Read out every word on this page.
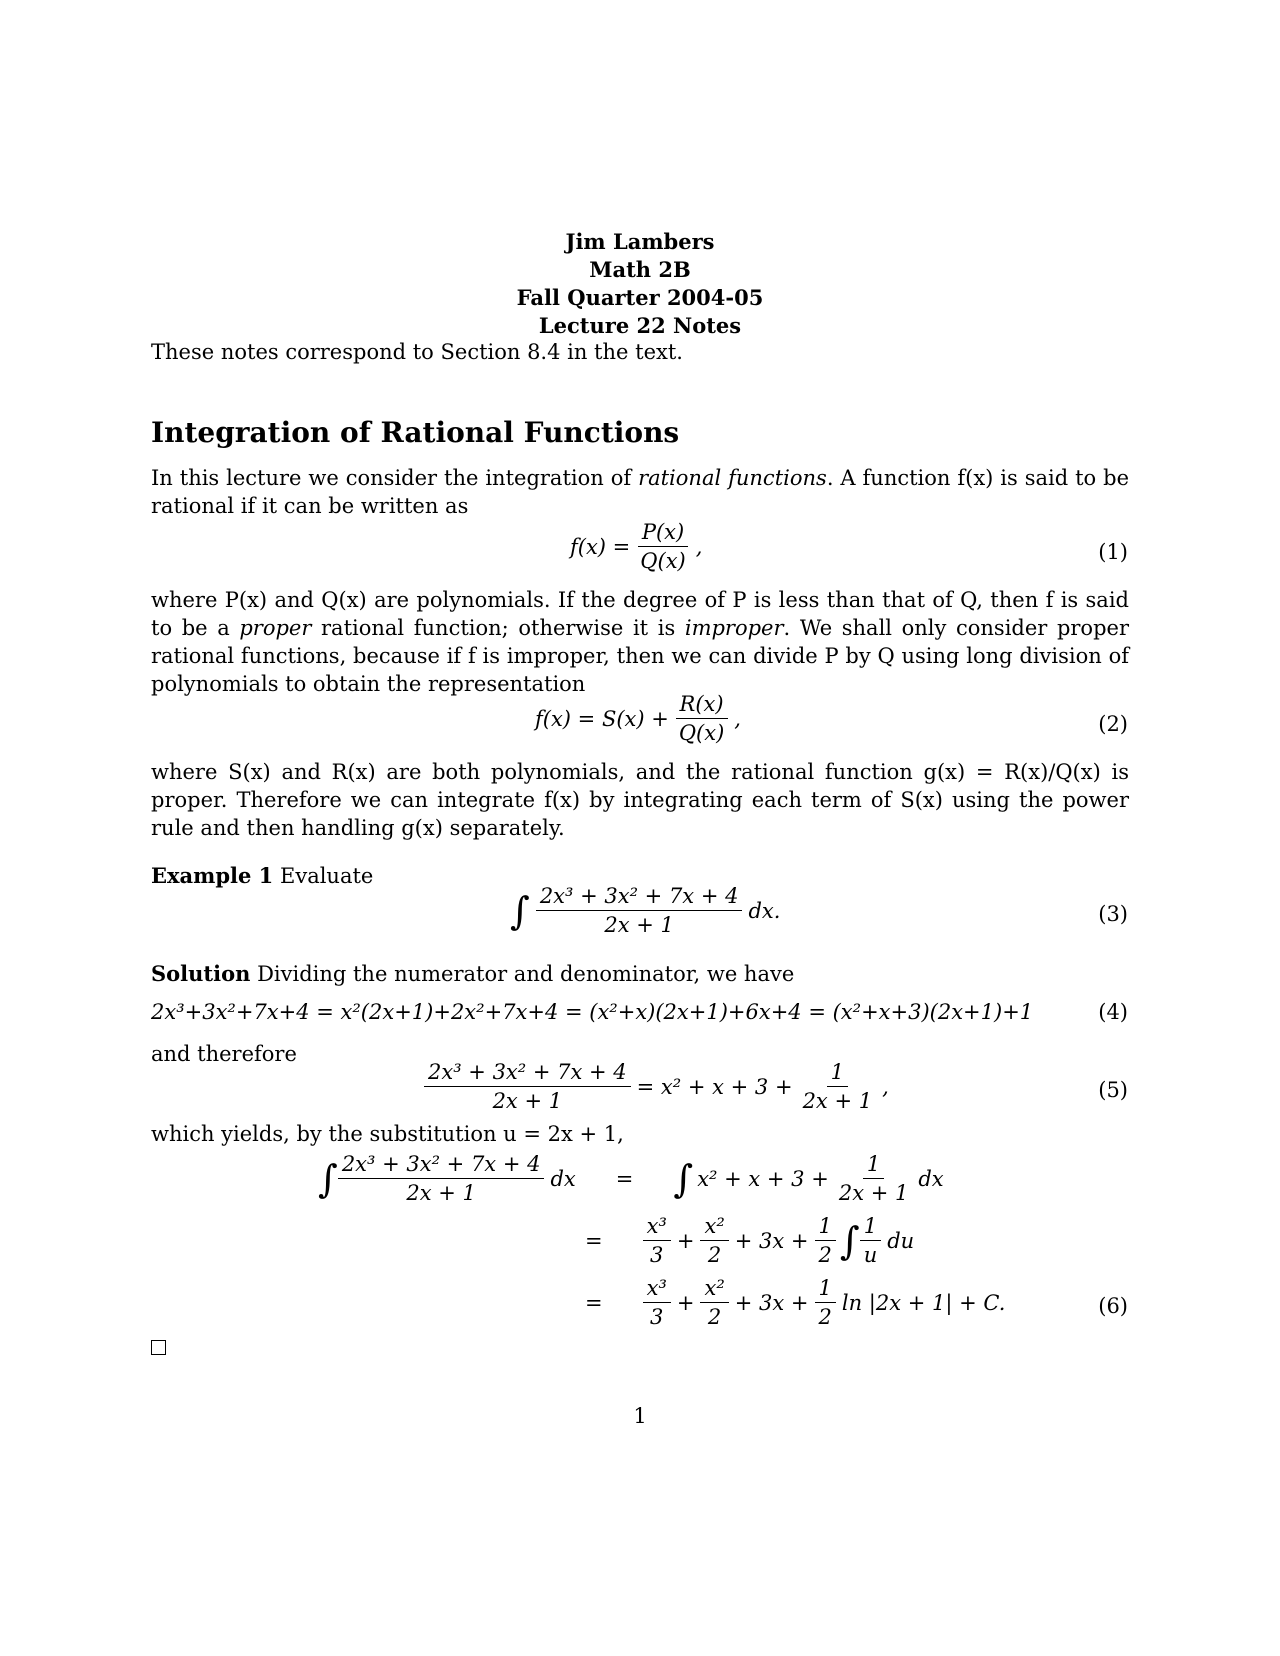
Jim Lambers
Math 2B
Fall Quarter 2004-05
Lecture 22 Notes
These notes correspond to Section 8.4 in the text.
Integration of Rational Functions
In this lecture we consider the integration of rational functions. A function f(x) is said to be rational if it can be written as
$f(x) = \frac{P(x)}{Q(x)}$ ,	(1)
where P(x) and Q(x) are polynomials. If the degree of P is less than that of Q, then f is said to be a proper rational function; otherwise it is improper. We shall only consider proper rational functions, because if f is improper, then we can divide P by Q using long division of polynomials to obtain the representation
$f(x) = S(x) + \frac{R(x)}{Q(x)}$ ,	(2)
where S(x) and R(x) are both polynomials, and the rational function g(x) = R(x)/Q(x) is proper. Therefore we can integrate f(x) by integrating each term of S(x) using the power rule and then handling g(x) separately.
Example 1 Evaluate
∫ $\frac{\text{2x³ + 3x² + 7x + 4}}{2x + 1}$ dx.	(3)
Solution Dividing the numerator and denominator, we have
2x³+3x²+7x+4 = x²(2x+1)+2x²+7x+4 = (x²+x)(2x+1)+6x+4 = (x²+x+3)(2x+1)+1	(4)
and therefore
$\frac{\text{2x³ + 3x² + 7x + 4}}{2x + 1} = x^2 + x + 3 + \frac{1}{2x + 1}$ ,	(5)
which yields, by the substitution u = 2x + 1,
∫ $\frac{\text{2x³ + 3x² + 7x + 4}}{2x + 1}$ dx = ∫ $x^2 + x + 3 + \frac{1}{2x + 1}$ dx
= $\frac{\text{x³}}{3} + \frac{\text{x²}}{2} + 3x + \frac{1}{2}$ ∫ $\frac{1}{u}$ du
= $\frac{\text{x³}}{3} + \frac{\text{x²}}{2} + 3x + \frac{1}{2}$ ln |2x + 1| + C.	(6)
1
